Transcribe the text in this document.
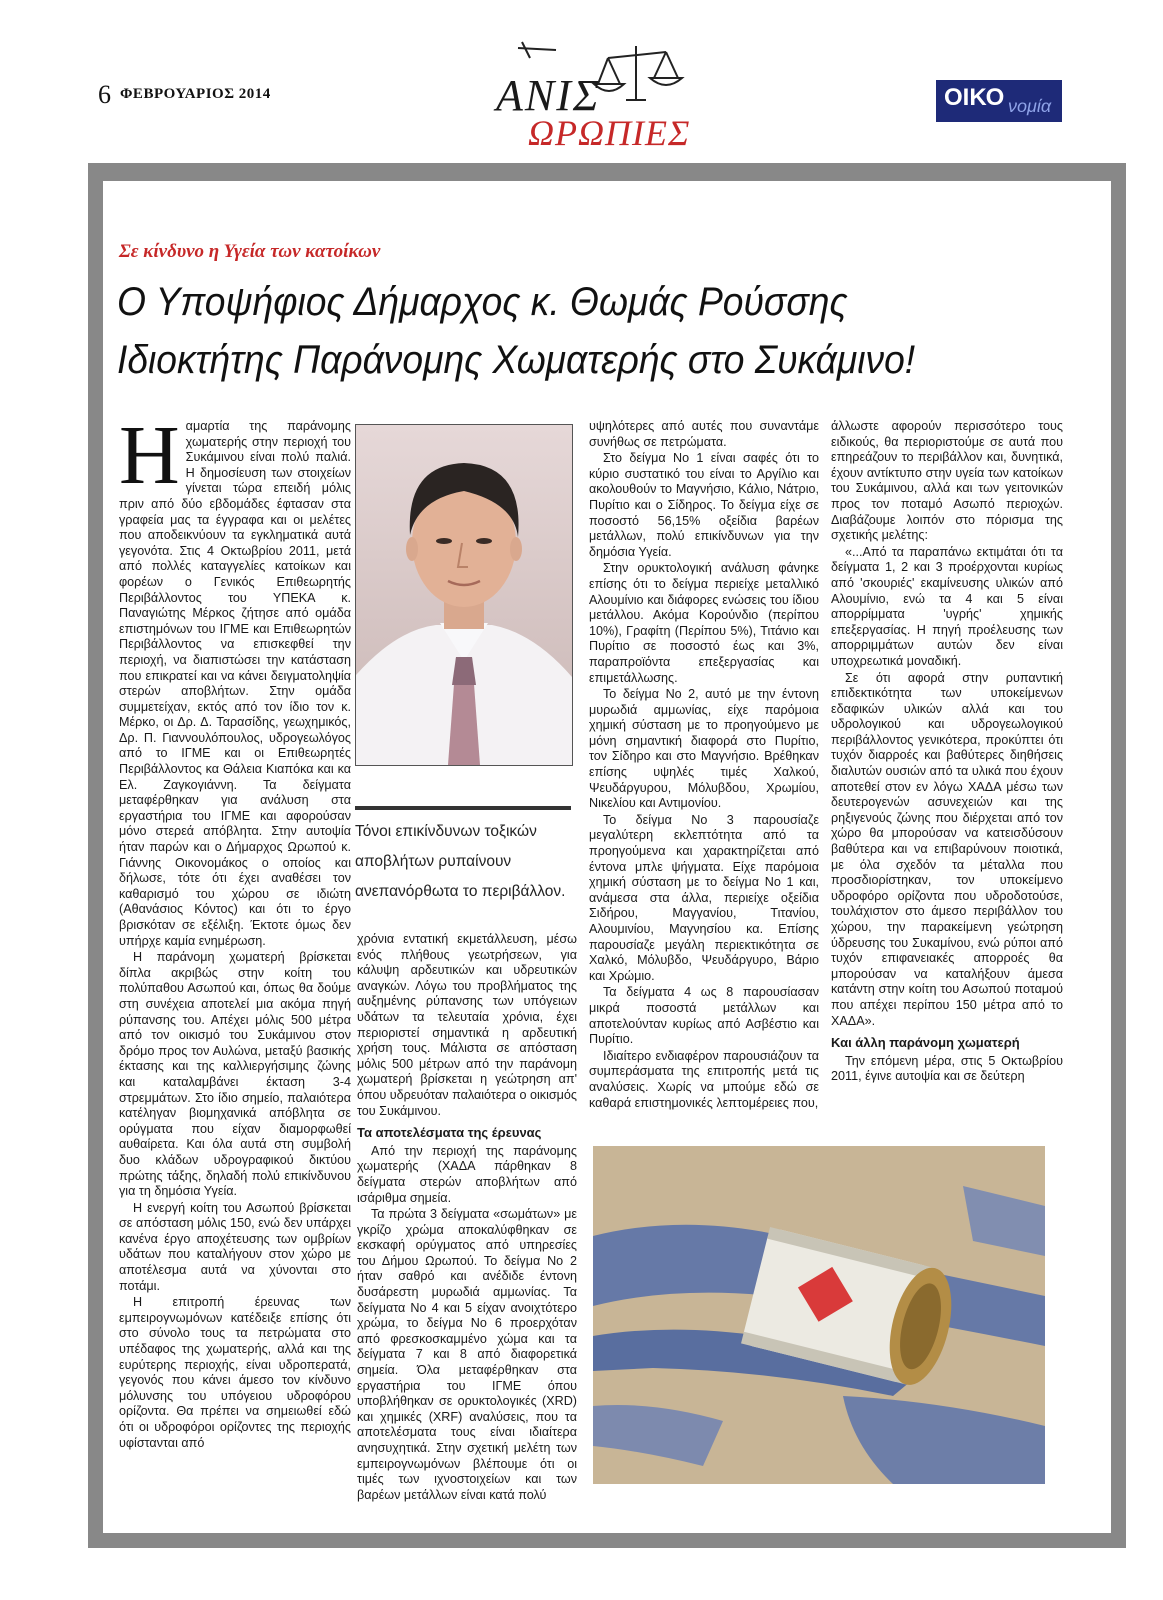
6 ΦΕΒΡΟΥΑΡΙΟΣ 2014	ΑΝΙΣ
ΩΡΩΠΙΕΣ
ΟΙΚΟ νομία
Σε κίνδυνο η Υγεία των κατοίκων
Ο Υποψήφιος Δήμαρχος κ. Θωμάς Ρούσσης
Ιδιοκτήτης Παράνομης Χωματερής στο Συκάμινο!
Η αμαρτία της παράνομης χωματερής στην περιοχή του Συκάμινου είναι πολύ παλιά. Η δημοσίευση των στοιχείων γίνεται τώρα επειδή μόλις πριν από δύο εβδομάδες έφτασαν στα γραφεία μας τα έγγραφα και οι μελέτες που αποδεικνύουν τα εγκληματικά αυτά γεγονότα. Στις 4 Οκτωβρίου 2011, μετά από πολλές καταγγελίες κατοίκων και φορέων ο Γενικός Επιθεωρητής Περιβάλλοντος του ΥΠΕΚΑ κ. Παναγιώτης Μέρκος ζήτησε από ομάδα επιστημόνων του ΙΓΜΕ και Επιθεωρητών Περιβάλλοντος να επισκεφθεί την περιοχή, να διαπιστώσει την κατάσταση που επικρατεί και να κάνει δειγματοληψία στερών αποβλήτων. Στην ομάδα συμμετείχαν, εκτός από τον ίδιο τον κ. Μέρκο, οι Δρ. Δ. Ταρασίδης, γεωχημικός, Δρ. Π. Γιαννουλόπουλος, υδρογεωλόγος από το ΙΓΜΕ και οι Επιθεωρητές Περιβάλλοντος κα Θάλεια Κιαπόκα και κα Ελ. Ζαγκογιάννη. Τα δείγματα μεταφέρθηκαν για ανάλυση στα εργαστήρια του ΙΓΜΕ και αφορούσαν μόνο στερεά απόβλητα. Στην αυτοψία ήταν παρών και ο Δήμαρχος Ωρωπού κ. Γιάννης Οικονομάκος ο οποίος και δήλωσε, τότε ότι έχει αναθέσει τον καθαρισμό του χώρου σε ιδιώτη (Αθανάσιος Κόντος) και ότι το έργο βρισκόταν σε εξέλιξη. Έκτοτε όμως δεν υπήρχε καμία ενημέρωση.

Η παράνομη χωματερή βρίσκεται δίπλα ακριβώς στην κοίτη του πολύπαθου Ασωπού και, όπως θα δούμε στη συνέχεια αποτελεί μια ακόμα πηγή ρύπανσης του. Απέχει μόλις 500 μέτρα από τον οικισμό του Συκάμινου στον δρόμο προς τον Αυλώνα, μεταξύ βασικής έκτασης και της καλλιεργήσιμης ζώνης και καταλαμβάνει έκταση 3-4 στρεμμάτων. Στο ίδιο σημείο, παλαιότερα κατέληγαν βιομηχανικά απόβλητα σε ορύγματα που είχαν διαμορφωθεί αυθαίρετα. Και όλα αυτά στη συμβολή δυο κλάδων υδρογραφικού δικτύου πρώτης τάξης, δηλαδή πολύ επικίνδυνου για τη δημόσια Υγεία.

Η ενεργή κοίτη του Ασωπού βρίσκεται σε απόσταση μόλις 150, ενώ δεν υπάρχει κανένα έργο αποχέτευσης των ομβρίων υδάτων που καταλήγουν στον χώρο με αποτέλεσμα αυτά να χύνονται στο ποτάμι.

Η επιτροπή έρευνας των εμπειρογνωμόνων κατέδειξε επίσης ότι στο σύνολο τους τα πετρώματα στο υπέδαφος της χωματερής, αλλά και της ευρύτερης περιοχής, είναι υδροπερατά, γεγονός που κάνει άμεσο τον κίνδυνο μόλυνσης του υπόγειου υδροφόρου ορίζοντα. Θα πρέπει να σημειωθεί εδώ ότι οι υδροφόροι ορίζοντες της περιοχής υφίστανται από

Τόνοι επικίνδυνων τοξικών αποβλήτων ρυπαίνουν ανεπανόρθωτα το περιβάλλον.

χρόνια εντατική εκμετάλλευση, μέσω ενός πλήθους γεωτρήσεων, για κάλυψη αρδευτικών και υδρευτικών αναγκών. Λόγω του προβλήματος της αυξημένης ρύπανσης των υπόγειων υδάτων τα τελευταία χρόνια, έχει περιοριστεί σημαντικά η αρδευτική χρήση τους. Μάλιστα σε απόσταση μόλις 500 μέτρων από την παράνομη χωματερή βρίσκεται η γεώτρηση απ' όπου υδρευόταν παλαιότερα ο οικισμός του Συκάμινου.

Τα αποτελέσματα της έρευνας

Από την περιοχή της παράνομης χωματερής (ΧΑΔΑ πάρθηκαν 8 δείγματα στερών αποβλήτων από ισάριθμα σημεία.

Τα πρώτα 3 δείγματα «σωμάτων» με γκρίζο χρώμα αποκαλύφθηκαν σε εκσκαφή ορύγματος από υπηρεσίες του Δήμου Ωρωπού. Το δείγμα Νο 2 ήταν σαθρό και ανέδιδε έντονη δυσάρεστη μυρωδιά αμμωνίας. Τα δείγματα Νο 4 και 5 είχαν ανοιχτότερο χρώμα, το δείγμα Νο 6 προερχόταν από φρεσκοσκαμμένο χώμα και τα δείγματα 7 και 8 από διαφορετικά σημεία. Όλα μεταφέρθηκαν στα εργαστήρια του ΙΓΜΕ όπου υποβλήθηκαν σε ορυκτολογικές (XRD) και χημικές (XRF) αναλύσεις, που τα αποτελέσματα τους είναι ιδιαίτερα ανησυχητικά. Στην σχετική μελέτη των εμπειρογνωμόνων βλέπουμε ότι οι τιμές των ιχνοστοιχείων και των βαρέων μετάλλων είναι κατά πολύ

υψηλότερες από αυτές που συναντάμε συνήθως σε πετρώματα.

Στο δείγμα Νο 1 είναι σαφές ότι το κύριο συστατικό του είναι το Αργίλιο και ακολουθούν το Μαγνήσιο, Κάλιο, Νάτριο, Πυρίτιο και ο Σίδηρος. Το δείγμα είχε σε ποσοστό 56,15% οξείδια βαρέων μετάλλων, πολύ επικίνδυνων για την δημόσια Υγεία.

Στην ορυκτολογική ανάλυση φάνηκε επίσης ότι το δείγμα περιείχε μεταλλικό Αλουμίνιο και διάφορες ενώσεις του ίδιου μετάλλου. Ακόμα Κορούνδιο (περίπου 10%), Γραφίτη (Περίπου 5%), Τιτάνιο και Πυρίτιο σε ποσοστό έως και 3%, παραπροϊόντα επεξεργασίας και επιμετάλλωσης.

Το δείγμα Νο 2, αυτό με την έντονη μυρωδιά αμμωνίας, είχε παρόμοια χημική σύσταση με το προηγούμενο με μόνη σημαντική διαφορά στο Πυρίτιο, τον Σίδηρο και στο Μαγνήσιο. Βρέθηκαν επίσης υψηλές τιμές Χαλκού, Ψευδάργυρου, Μόλυβδου, Χρωμίου, Νικελίου και Αντιμονίου.

Το δείγμα Νο 3 παρουσίαζε μεγαλύτερη εκλεπτότητα από τα προηγούμενα και χαρακτηρίζεται από έντονα μπλε ψήγματα. Είχε παρόμοια χημική σύσταση με το δείγμα Νο 1 και, ανάμεσα στα άλλα, περιείχε οξείδια Σιδήρου, Μαγγανίου, Τιτανίου, Αλουμινίου, Μαγνησίου κα. Επίσης παρουσίαζε μεγάλη περιεκτικότητα σε Χαλκό, Μόλυβδο, Ψευδάργυρο, Βάριο και Χρώμιο.

Τα δείγματα 4 ως 8 παρουσίασαν μικρά ποσοστά μετάλλων και αποτελούνταν κυρίως από Ασβέστιο και Πυρίτιο.

Ιδιαίτερο ενδιαφέρον παρουσιάζουν τα συμπεράσματα της επιτροπής μετά τις αναλύσεις. Χωρίς να μπούμε εδώ σε καθαρά επιστημονικές λεπτομέρειες που,

άλλωστε αφορούν περισσότερο τους ειδικούς, θα περιοριστούμε σε αυτά που επηρεάζουν το περιβάλλον και, δυνητικά, έχουν αντίκτυπο στην υγεία των κατοίκων του Συκάμινου, αλλά και των γειτονικών προς τον ποταμό Ασωπό περιοχών. Διαβάζουμε λοιπόν στο πόρισμα της σχετικής μελέτης:

«...Από τα παραπάνω εκτιμάται ότι τα δείγματα 1, 2 και 3 προέρχονται κυρίως από 'σκουριές' εκαμίνευσης υλικών από Αλουμίνιο, ενώ τα 4 και 5 είναι απορρίμματα 'υγρής' χημικής επεξεργασίας. Η πηγή προέλευσης των απορριμμάτων αυτών δεν είναι υποχρεωτικά μοναδική.

Σε ότι αφορά στην ρυπαντική επιδεκτικότητα των υποκείμενων εδαφικών υλικών αλλά και του υδρολογικού και υδρογεωλογικού περιβάλλοντος γενικότερα, προκύπτει ότι τυχόν διαρροές και βαθύτερες διηθήσεις διαλυτών ουσιών από τα υλικά που έχουν αποτεθεί στον εν λόγω ΧΑΔΑ μέσω των δευτερογενών ασυνεχειών και της ρηξιγενούς ζώνης που διέρχεται από τον χώρο θα μπορούσαν να κατεισδύσουν βαθύτερα και να επιβαρύνουν ποιοτικά, με όλα σχεδόν τα μέταλλα που προσδιορίστηκαν, τον υποκείμενο υδροφόρο ορίζοντα που υδροδοτούσε, τουλάχιστον στο άμεσο περιβάλλον του χώρου, την παρακείμενη γεώτρηση ύδρευσης του Συκαμίνου, ενώ ρύποι από τυχόν επιφανειακές απορροές θα μπορούσαν να καταλήξουν άμεσα κατάντη στην κοίτη του Ασωπού ποταμού που απέχει περίπου 150 μέτρα από το ΧΑΔΑ».

Και άλλη παράνομη χωματερή

Την επόμενη μέρα, στις 5 Οκτωβρίου 2011, έγινε αυτοψία και σε δεύτερη
